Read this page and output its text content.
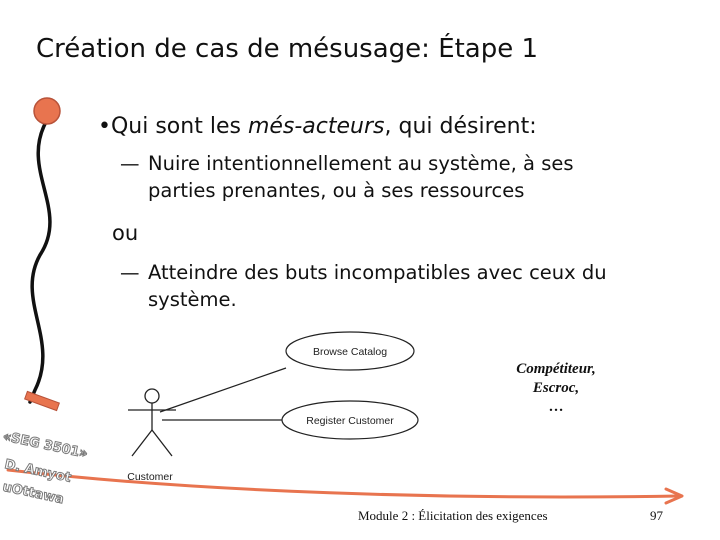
Création de cas de mésusage: Étape 1
•Qui sont les més-acteurs, qui désirent:
— Nuire intentionnellement au système, à ses
parties prenantes, ou à ses ressources
ou
— Atteindre des buts incompatibles avec ceux du
système.
Browse Catalog
Register Customer
Customer
Compétiteur,
Escroc,
…
«SEG 3501»
D. Amyot
uOttawa
Module 2 : Élicitation des exigences	97
